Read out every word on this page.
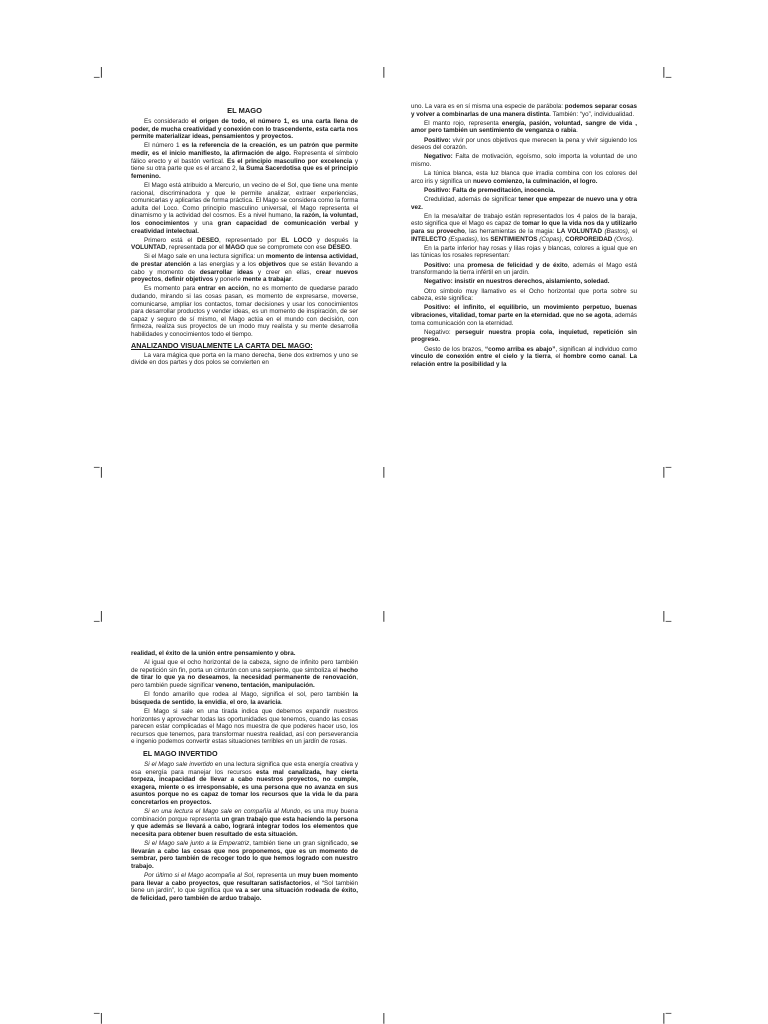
_|	|	|_
‾|	|	|‾
_|	|	|_
‾|	|	|‾
EL MAGO

Es considerado el origen de todo, el número 1, es una carta llena de poder, de mucha creatividad y conexión con lo trascendente, esta carta nos permite materializar ideas, pensamientos y proyectos.

El número 1 es la referencia de la creación, es un patrón que permite medir, es el inicio manifiesto, la afirmación de algo. Representa el símbolo fálico erecto y el bastón vertical. Es el principio masculino por excelencia y tiene su otra parte que es el arcano 2, la Suma Sacerdotisa que es el principio femenino.

El Mago está atribuido a Mercurio, un vecino de el Sol, que tiene una mente racional, discriminadora y que le permite analizar, extraer experiencias, comunicarlas y aplicarlas de forma práctica. El Mago se considera como la forma adulta del Loco. Como principio masculino universal, el Mago representa el dinamismo y la actividad del cosmos. Es a nivel humano, la razón, la voluntad, los conocimientos y una gran capacidad de comunicación verbal y creatividad intelectual.

Primero está el DESEO, representado por EL LOCO y después la VOLUNTAD, representada por el MAGO que se compromete con ese DESEO.

Si el Mago sale en una lectura significa: un momento de intensa actividad, de prestar atención a las energías y a los objetivos que se están llevando a cabo y momento de desarrollar ideas y creer en ellas, crear nuevos proyectos, definir objetivos y ponerle mente a trabajar.

Es momento para entrar en acción, no es momento de quedarse parado dudando, mirando si las cosas pasan, es momento de expresarse, moverse, comunicarse, ampliar los contactos, tomar decisiones y usar los conocimientos para desarrollar productos y vender ideas, es un momento de inspiración, de ser capaz y seguro de sí mismo, el Mago actúa en el mundo con decisión, con firmeza, realiza sus proyectos de un modo muy realista y su mente desarrolla habilidades y conocimientos todo el tiempo.

ANALIZANDO VISUALMENTE LA CARTA DEL MAGO:

La vara mágica que porta en la mano derecha, tiene dos extremos y uno se divide en dos partes y dos polos se convierten en

uno. La vara es en sí misma una especie de parábola: podemos separar cosas y volver a combinarlas de una manera distinta. También: “yo”, individualidad.

El manto rojo, representa energía, pasión, voluntad, sangre de vida , amor pero también un sentimiento de venganza o rabia.

Positivo: vivir por unos objetivos que merecen la pena y vivir siguiendo los deseos del corazón.

Negativo: Falta de motivación, egoísmo, solo importa la voluntad de uno mismo.

La túnica blanca, esta luz blanca que irradia combina con los colores del arco iris y significa un nuevo comienzo, la culminación, el logro.

Positivo: Falta de premeditación, inocencia.

Credulidad, además de significar tener que empezar de nuevo una y otra vez.

En la mesa/altar de trabajo están representados los 4 palos de la baraja, esto significa que el Mago es capaz de tomar lo que la vida nos da y utilizarlo para su provecho, las herramientas de la magia: LA VOLUNTAD (Bastos), el INTELECTO (Espadas), los SENTIMIENTOS (Copas), CORPOREIDAD (Oros).

En la parte inferior hay rosas y lilas rojas y blancas, colores a igual que en las túnicas los rosales representan:

Positivo: una promesa de felicidad y de éxito, además el Mago está transformando la tierra infértil en un jardín.

Negativo: insistir en nuestros derechos, aislamiento, soledad.

Otro símbolo muy llamativo es el Ocho horizontal que porta sobre su cabeza, este significa:

Positivo: el infinito, el equilibrio, un movimiento perpetuo, buenas vibraciones, vitalidad, tomar parte en la eternidad. que no se agota, además toma comunicación con la eternidad.

Negativo: perseguir nuestra propia cola, inquietud, repetición sin progreso.

Gesto de los brazos, “como arriba es abajo”, significan al individuo como vínculo de conexión entre el cielo y la tierra, el hombre como canal. La relación entre la posibilidad y la

realidad, el éxito de la unión entre pensamiento y obra.

Al igual que el ocho horizontal de la cabeza, signo de infinito pero también de repetición sin fin, porta un cinturón con una serpiente, que simboliza el hecho de tirar lo que ya no deseamos, la necesidad permanente de renovación, pero también puede significar veneno, tentación, manipulación.

El fondo amarillo que rodea al Mago, significa el sol, pero también la búsqueda de sentido, la envidia, el oro, la avaricia.

El Mago si sale en una tirada indica que debemos expandir nuestros horizontes y aprovechar todas las oportunidades que tenemos, cuando las cosas parecen estar complicadas el Mago nos muestra de que poderes hacer uso, los recursos que tenemos, para transformar nuestra realidad, así con perseverancia e ingenio podemos convertir estas situaciones terribles en un jardín de rosas.

EL MAGO INVERTIDO

Si el Mago sale invertido en una lectura significa que esta energía creativa y esa energía para manejar los recursos esta mal canalizada, hay cierta torpeza, incapacidad de llevar a cabo nuestros proyectos, no cumple, exagera, miente o es irresponsable, es una persona que no avanza en sus asuntos porque no es capaz de tomar los recursos que la vida le da para concretarlos en proyectos.

Si en una lectura el Mago sale en compañía al Mundo, es una muy buena combinación porque representa un gran trabajo que esta haciendo la persona y que además se llevará a cabo, logrará integrar todos los elementos que necesita para obtener buen resultado de esta situación.

Si el Mago sale junto a la Emperatriz, también tiene un gran significado, se llevarán a cabo las cosas que nos proponemos, que es un momento de sembrar, pero también de recoger todo lo que hemos logrado con nuestro trabajo.

Por último si el Mago acompaña al Sol, representa un muy buen momento para llevar a cabo proyectos, que resultaran satisfactorios, el “Sol también tiene un jardín”, lo que significa que va a ser una situación rodeada de éxito, de felicidad, pero también de arduo trabajo.
